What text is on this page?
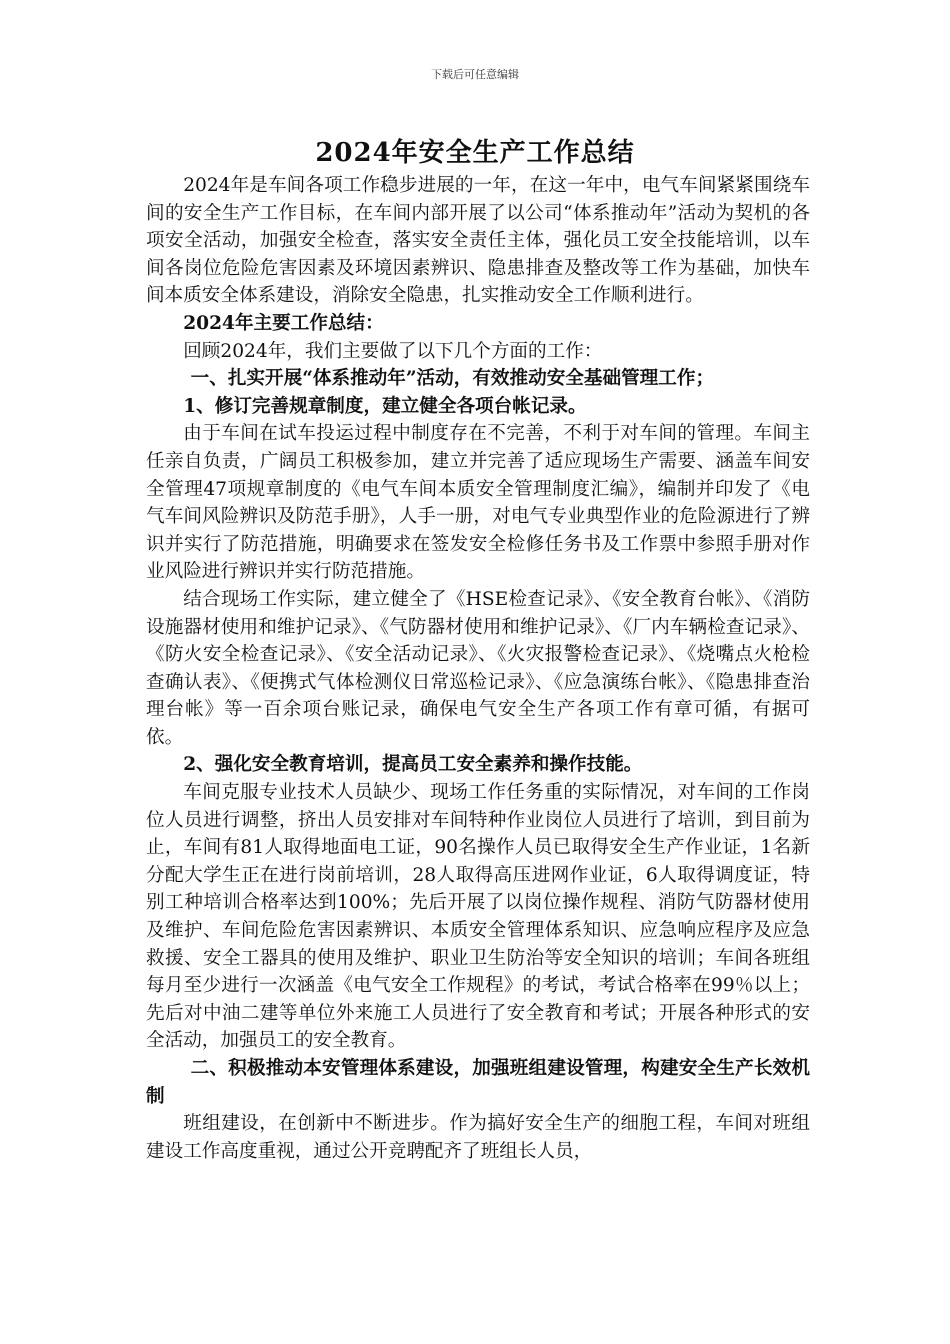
下载后可任意编辑
2024年安全生产工作总结

2024年是车间各项工作稳步进展的一年，在这一年中，电气车间紧紧围绕车间的安全生产工作目标，在车间内部开展了以公司“体系推动年”活动为契机的各项安全活动，加强安全检查，落实安全责任主体，强化员工安全技能培训，以车间各岗位危险危害因素及环境因素辨识、隐患排查及整改等工作为基础，加快车间本质安全体系建设，消除安全隐患，扎实推动安全工作顺利进行。

2024年主要工作总结：

回顾2024年，我们主要做了以下几个方面的工作：

一、扎实开展“体系推动年”活动，有效推动安全基础管理工作；

1、修订完善规章制度，建立健全各项台帐记录。

由于车间在试车投运过程中制度存在不完善，不利于对车间的管理。车间主任亲自负责，广阔员工积极参加，建立并完善了适应现场生产需要、涵盖车间安全管理47项规章制度的《电气车间本质安全管理制度汇编》，编制并印发了《电气车间风险辨识及防范手册》，人手一册，对电气专业典型作业的危险源进行了辨识并实行了防范措施，明确要求在签发安全检修任务书及工作票中参照手册对作业风险进行辨识并实行防范措施。

结合现场工作实际，建立健全了《HSE检查记录》、《安全教育台帐》、《消防设施器材使用和维护记录》、《气防器材使用和维护记录》、《厂内车辆检查记录》、《防火安全检查记录》、《安全活动记录》、《火灾报警检查记录》、《烧嘴点火枪检查确认表》、《便携式气体检测仪日常巡检记录》、《应急演练台帐》、《隐患排查治理台帐》等一百余项台账记录，确保电气安全生产各项工作有章可循，有据可依。

2、强化安全教育培训，提高员工安全素养和操作技能。

车间克服专业技术人员缺少、现场工作任务重的实际情况，对车间的工作岗位人员进行调整，挤出人员安排对车间特种作业岗位人员进行了培训，到目前为止，车间有81人取得地面电工证，90名操作人员已取得安全生产作业证，1名新分配大学生正在进行岗前培训，28人取得高压进网作业证，6人取得调度证，特别工种培训合格率达到100%；先后开展了以岗位操作规程、消防气防器材使用及维护、车间危险危害因素辨识、本质安全管理体系知识、应急响应程序及应急救援、安全工器具的使用及维护、职业卫生防治等安全知识的培训；车间各班组每月至少进行一次涵盖《电气安全工作规程》的考试，考试合格率在99％以上；先后对中油二建等单位外来施工人员进行了安全教育和考试；开展各种形式的安全活动，加强员工的安全教育。

二、积极推动本安管理体系建设，加强班组建设管理，构建安全生产长效机制

班组建设，在创新中不断进步。作为搞好安全生产的细胞工程，车间对班组建设工作高度重视，通过公开竞聘配齐了班组长人员，
